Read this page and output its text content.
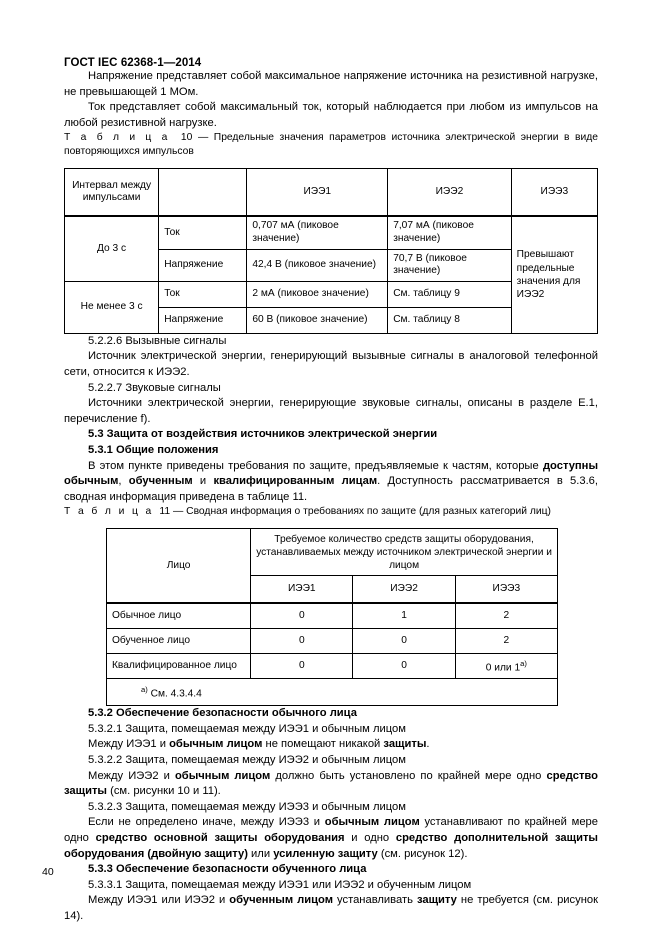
ГОСТ IEC 62368-1—2014

Напряжение представляет собой максимальное напряжение источника на резистивной нагрузке, не превышающей 1 МОм.

Ток представляет собой максимальный ток, который наблюдается при любом из импульсов на любой резистивной нагрузке.

Т а б л и ц а 10 — Предельные значения параметров источника электрической энергии в виде повторяющихся импульсов

Интервал между импульсами		ИЭЭ1	ИЭЭ2	ИЭЭ3
До 3 с	Ток	0,707 мА (пиковое значение)	7,07 мА (пиковое значение)	Превышают предельные значения для ИЭЭ2
	Напряжение	42,4 В (пиковое значение)	70,7 В (пиковое значение)	
Не менее 3 с	Ток	2 мА (пиковое значение)	См. таблицу 9	
	Напряжение	60 В (пиковое значение)	См. таблицу 8	

5.2.2.6 Вызывные сигналы

Источник электрической энергии, генерирующий вызывные сигналы в аналоговой телефонной сети, относится к ИЭЭ2.

5.2.2.7 Звуковые сигналы

Источники электрической энергии, генерирующие звуковые сигналы, описаны в разделе Е.1, перечисление f).

5.3 Защита от воздействия источников электрической энергии
5.3.1 Общие положения

В этом пункте приведены требования по защите, предъявляемые к частям, которые доступны обычным, обученным и квалифицированным лицам. Доступность рассматривается в 5.3.6, сводная информация приведена в таблице 11.

Т а б л и ц а 11 — Сводная информация о требованиях по защите (для разных категорий лиц)

Лицо	Требуемое количество средств защиты оборудования,
устанавливаемых между источником электрической энергии и лицом		
	ИЭЭ1	ИЭЭ2	ИЭЭ3
Обычное лицо	0	1	2
Обученное лицо	0	0	2
Квалифицированное лицо	0	0	0 или 1$^{а)}$
$^{а)}$ См. 4.3.4.4			
5.3.2 Обеспечение безопасности обычного лица

5.3.2.1 Защита, помещаемая между ИЭЭ1 и обычным лицом

Между ИЭЭ1 и обычным лицом не помещают никакой защиты.

5.3.2.2 Защита, помещаемая между ИЭЭ2 и обычным лицом

Между ИЭЭ2 и обычным лицом должно быть установлено по крайней мере одно средство защиты (см. рисунки 10 и 11).

5.3.2.3 Защита, помещаемая между ИЭЭ3 и обычным лицом

Если не определено иначе, между ИЭЭ3 и обычным лицом устанавливают по крайней мере одно средство основной защиты оборудования и одно средство дополнительной защиты оборудования (двойную защиту) или усиленную защиту (см. рисунок 12).

5.3.3 Обеспечение безопасности обученного лица

5.3.3.1 Защита, помещаемая между ИЭЭ1 или ИЭЭ2 и обученным лицом

Между ИЭЭ1 или ИЭЭ2 и обученным лицом устанавливать защиту не требуется (см. рисунок 14).

40
